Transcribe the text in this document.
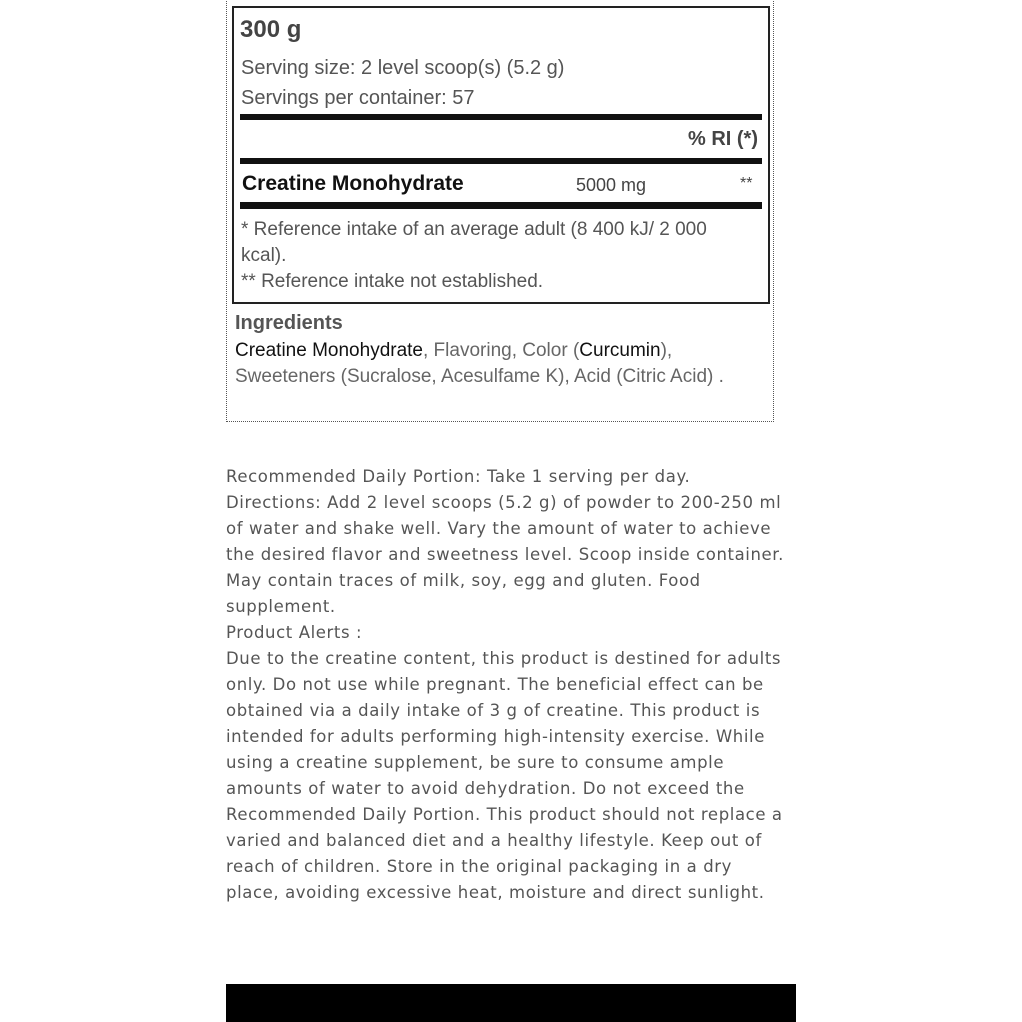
300 g
Serving size: 2 level scoop(s) (5.2 g)
Servings per container: 57
% RI (*)
Creatine Monohydrate	5000 mg	**
* Reference intake of an average adult (8 400 kJ/ 2 000 kcal).
** Reference intake not established.
Ingredients
Creatine Monohydrate, Flavoring, Color (Curcumin), Sweeteners (Sucralose, Acesulfame K), Acid (Citric Acid) .
Recommended Daily Portion: Take 1 serving per day.
Directions: Add 2 level scoops (5.2 g) of powder to 200-250 ml of water and shake well. Vary the amount of water to achieve the desired flavor and sweetness level. Scoop inside container.
May contain traces of milk, soy, egg and gluten. Food supplement.
Product Alerts :
Due to the creatine content, this product is destined for adults only. Do not use while pregnant. The beneficial effect can be obtained via a daily intake of 3 g of creatine. This product is intended for adults performing high-intensity exercise. While using a creatine supplement, be sure to consume ample amounts of water to avoid dehydration. Do not exceed the Recommended Daily Portion. This product should not replace a varied and balanced diet and a healthy lifestyle. Keep out of reach of children. Store in the original packaging in a dry place, avoiding excessive heat, moisture and direct sunlight.
